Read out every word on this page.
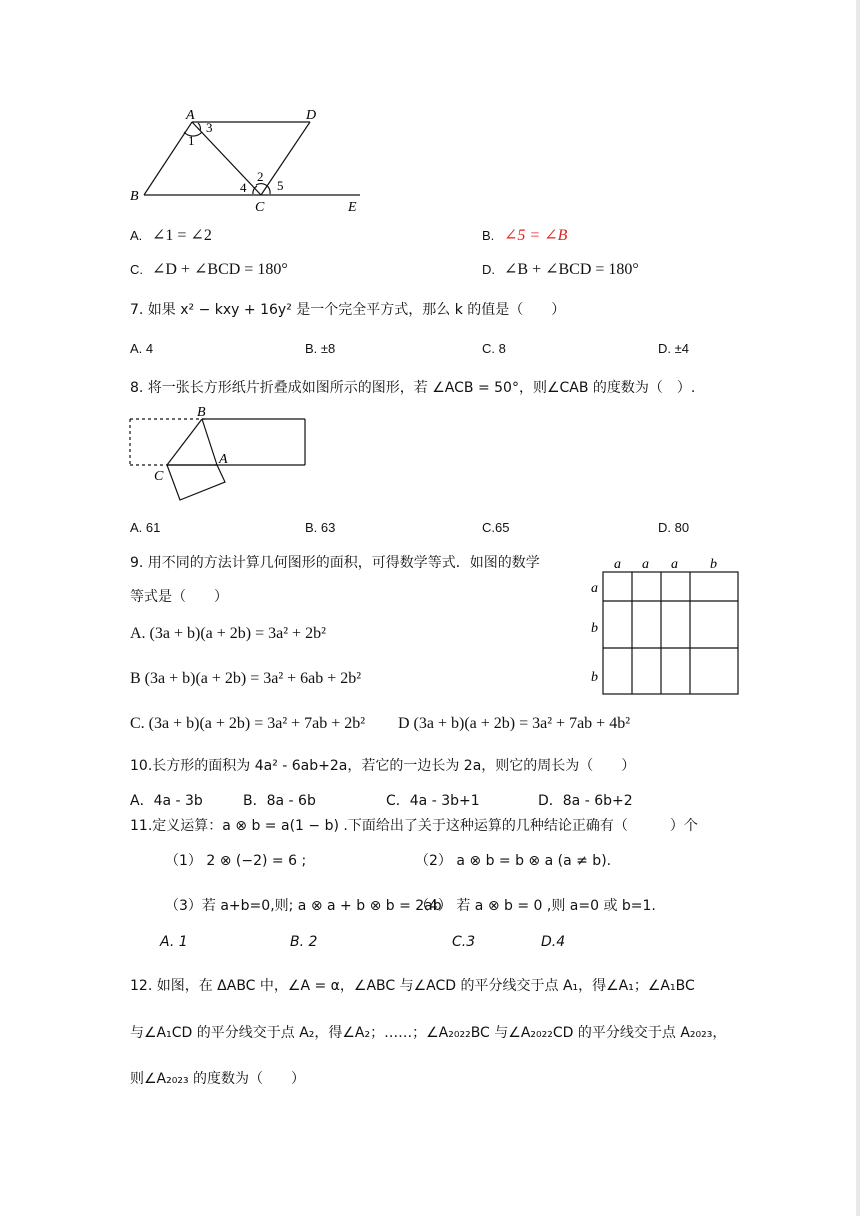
A	D
B
C	E
1
2
3
4 5
A. ∠1 = ∠2	B. ∠5 = ∠B
C. ∠D + ∠BCD = 180°	D. ∠B + ∠BCD = 180°
7. 如果 x² − kxy + 16y² 是一个完全平方式，那么 k 的值是（　　）
A. 4	B. ±8	C. 8	D. ±4
8. 将一张长方形纸片折叠成如图所示的图形，若 ∠ACB = 50°，则∠CAB 的度数为（　）.
B
A
C
A. 61	B. 63	C.65	D. 80
9. 用不同的方法计算几何图形的面积，可得数学等式．如图的数学
等式是（　　）
A. (3a + b)(a + 2b) = 3a² + 2b²
B (3a + b)(a + 2b) = 3a² + 6ab + 2b²
C. (3a + b)(a + 2b) = 3a² + 7ab + 2b² D (3a + b)(a + 2b) = 3a² + 7ab + 4b²
a a a b
a
b
b
10.长方形的面积为 4a² - 6ab+2a，若它的一边长为 2a，则它的周长为（　　）
A．4a - 3b	B．8a - 6b	C．4a - 3b+1	D．8a - 6b+2
11.定义运算：a ⊗ b = a(1 − b) .下面给出了关于这种运算的几种结论正确有（　　　）个
（1） 2 ⊗ (−2) = 6 ;	（2） a ⊗ b = b ⊗ a (a ≠ b).
（3）若 a+b=0,则; a ⊗ a + b ⊗ b = 2ab
（4） 若 a ⊗ b = 0 ,则 a=0 或 b=1.
A. 1	B. 2	C.3	D.4
12. 如图，在 ΔABC 中，∠A = α，∠ABC 与∠ACD 的平分线交于点 A₁，得∠A₁；∠A₁BC
与∠A₁CD 的平分线交于点 A₂，得∠A₂；……；∠A₂₀₂₂BC 与∠A₂₀₂₂CD 的平分线交于点 A₂₀₂₃，
则∠A₂₀₂₃ 的度数为（　　）
